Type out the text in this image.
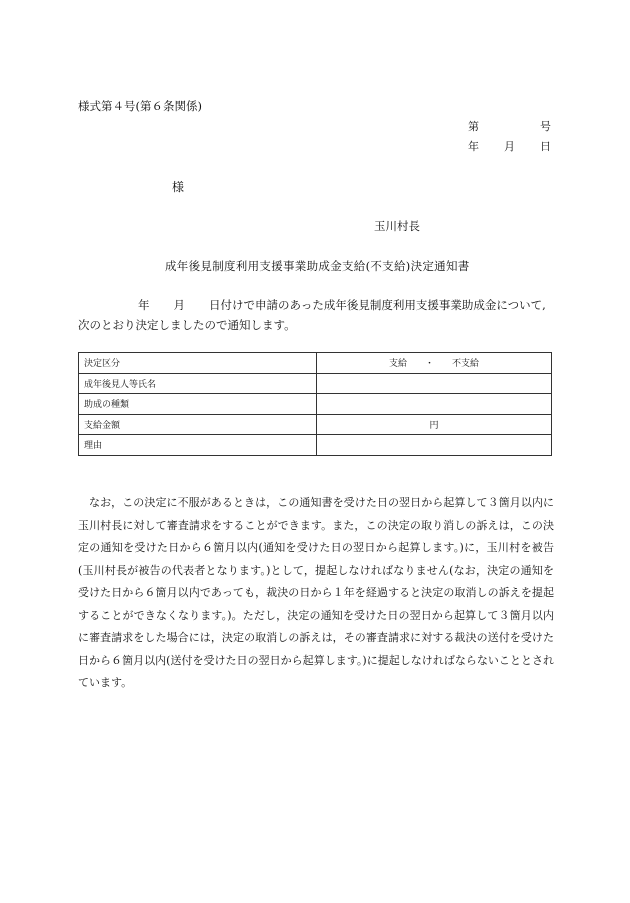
様式第４号(第６条関係)
第	号
年 月 日
様
玉川村長
成年後見制度利用支援事業助成金支給(不支給)決定通知書
年 月 日付けで申請のあった成年後見制度利用支援事業助成金について,
次のとおり決定しましたので通知します。
決定区分	支給　　・　　不支給
成年後見人等氏名	
助成の種類	
支給金額	円
理由	
なお，この決定に不服があるときは，この通知書を受けた日の翌日から起算して３箇月以内に玉川村長に対して審査請求をすることができます。また，この決定の取り消しの訴えは，この決定の通知を受けた日から６箇月以内(通知を受けた日の翌日から起算します。)に，玉川村を被告(玉川村長が被告の代表者となります。)として，提起しなければなりません(なお，決定の通知を受けた日から６箇月以内であっても，裁決の日から１年を経過すると決定の取消しの訴えを提起することができなくなります。)。ただし，決定の通知を受けた日の翌日から起算して３箇月以内に審査請求をした場合には，決定の取消しの訴えは，その審査請求に対する裁決の送付を受けた日から６箇月以内(送付を受けた日の翌日から起算します。)に提起しなければならないこととされています。
